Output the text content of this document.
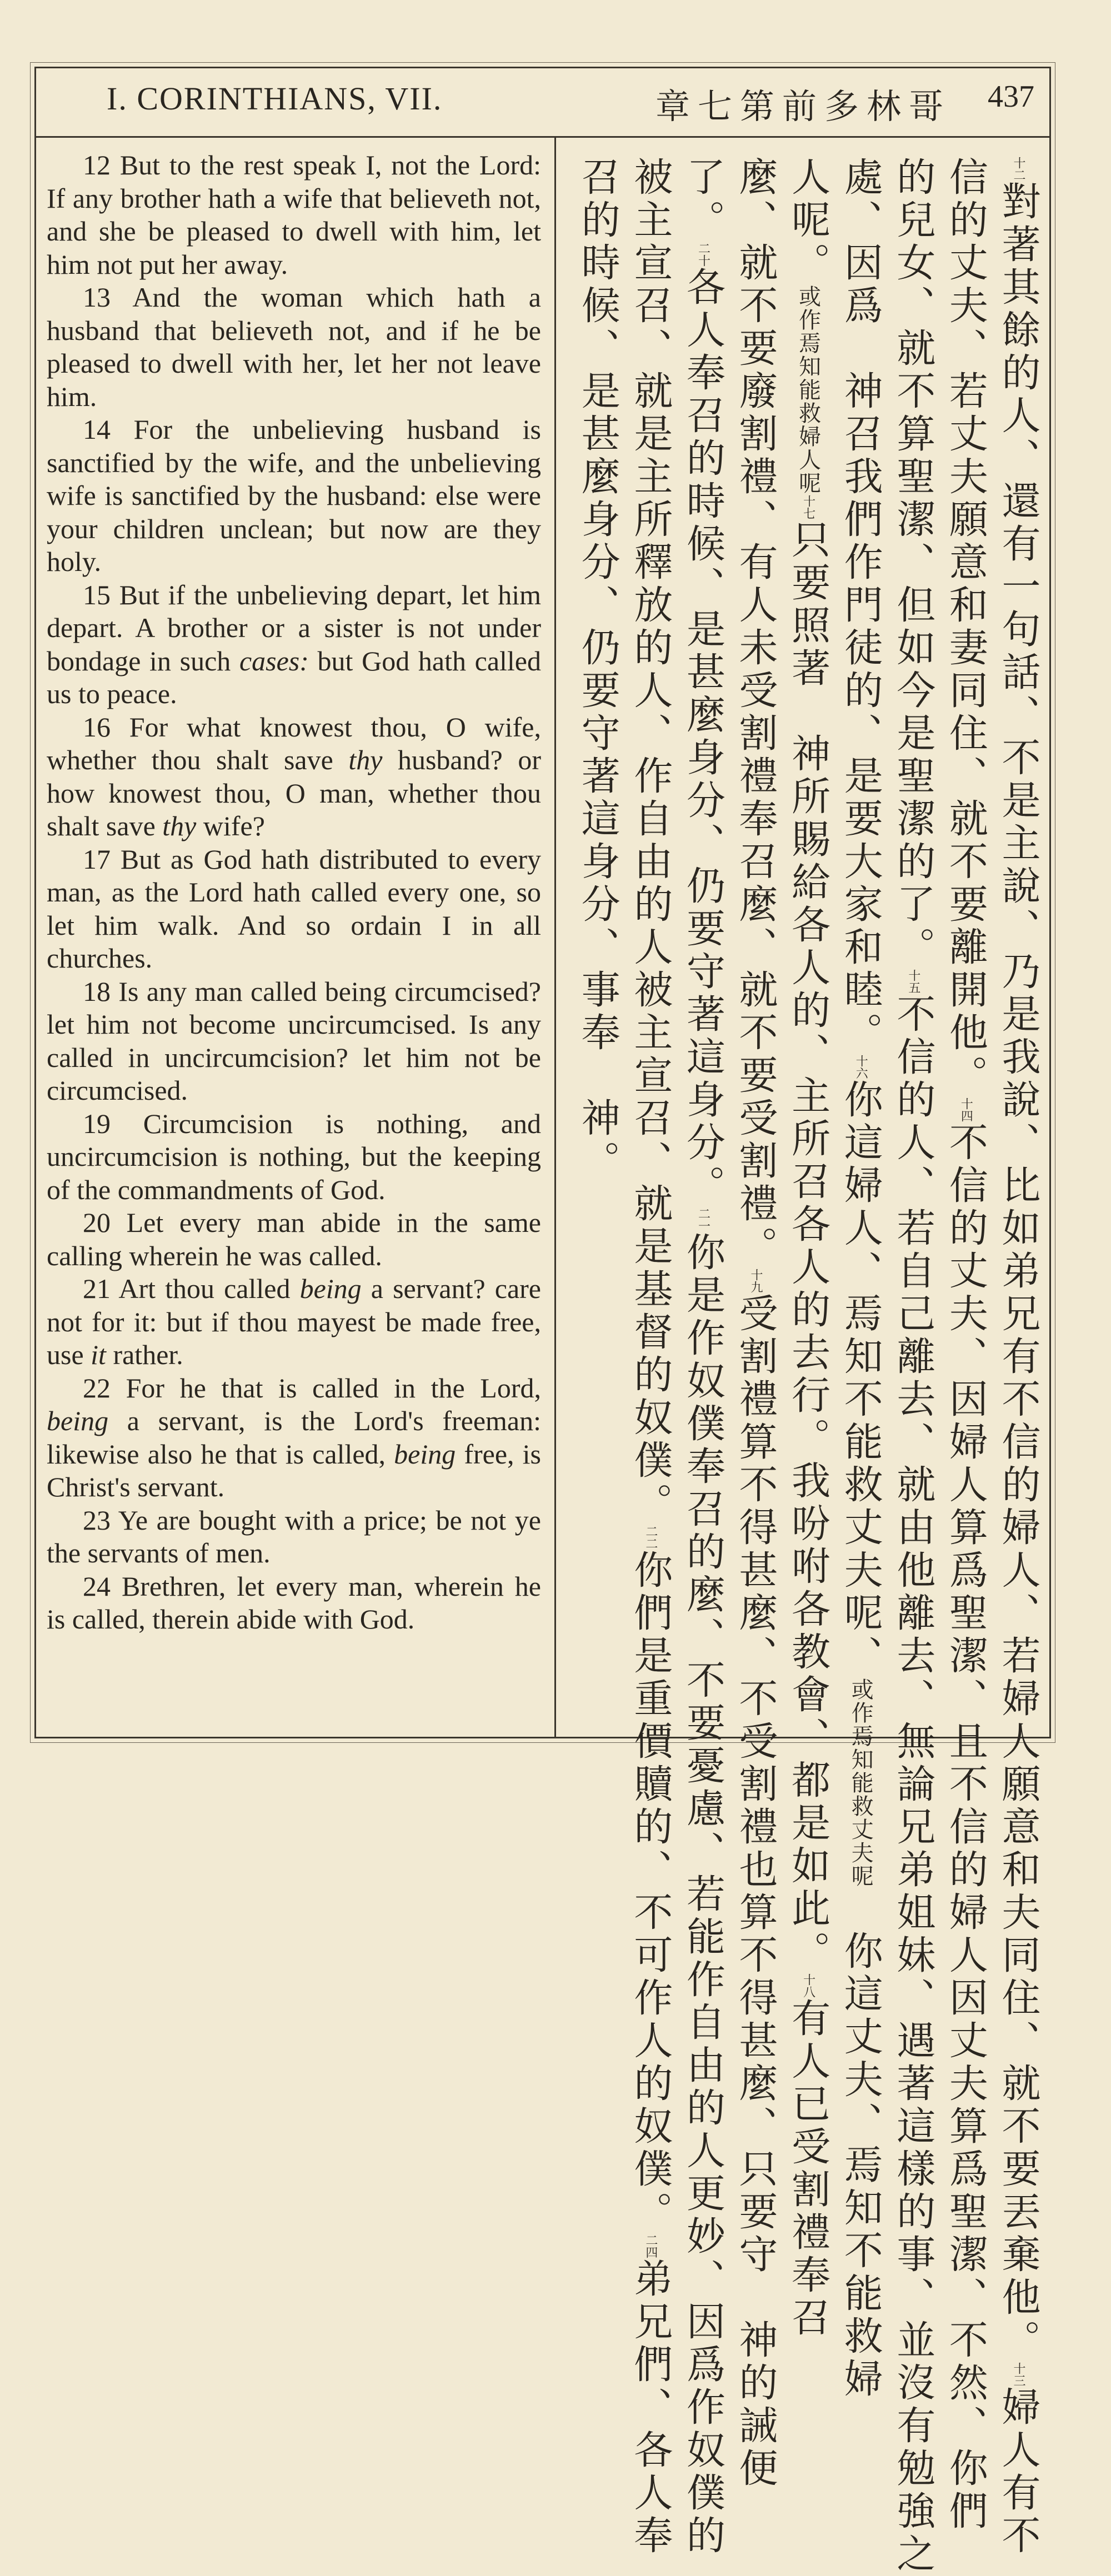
I. CORINTHIANS, VII.	章七第前多林哥 437

12 But to the rest speak I, not the Lord: If any brother hath a wife that believeth not, and she be pleased to dwell with him, let him not put her away.

13 And the woman which hath a husband that believeth not, and if he be pleased to dwell with her, let her not leave him.

14 For the unbelieving husband is sanctified by the wife, and the unbelieving wife is sanctified by the husband: else were your children unclean; but now are they holy.

15 But if the unbelieving depart, let him depart. A brother or a sister is not under bondage in such cases: but God hath called us to peace.

16 For what knowest thou, O wife, whether thou shalt save thy husband? or how knowest thou, O man, whether thou shalt save thy wife?

17 But as God hath distributed to every man, as the Lord hath called every one, so let him walk. And so ordain I in all churches.

18 Is any man called being circumcised? let him not become uncircumcised. Is any called in uncircumcision? let him not be circumcised.

19 Circumcision is nothing, and uncircumcision is nothing, but the keeping of the commandments of God.

20 Let every man abide in the same calling wherein he was called.

21 Art thou called being a servant? care not for it: but if thou mayest be made free, use it rather.

22 For he that is called in the Lord, being a servant, is the Lord's freeman: likewise also he that is called, being free, is Christ's servant.

23 Ye are bought with a price; be not ye the servants of men.

24 Brethren, let every man, wherein he is called, therein abide with God.

$^{十二}$對著其餘的人、還有一句話、不是主說、乃是我說、比如弟兄有不信的婦人、若婦人願意和夫同住、就不要丟棄他。$^{十三}$婦人有不
信的丈夫、若丈夫願意和妻同住、就不要離開他。$^{十四}$不信的丈夫、因婦人算爲聖潔、且不信的婦人因丈夫算爲聖潔、不然、你們
的兒女、就不算聖潔、但如今是聖潔的了。$^{十五}$不信的人、若自己離去、就由他離去、無論兄弟姐妹、遇著這樣的事、並沒有勉強之
處、因爲　神召我們作門徒的、是要大家和睦。$^{十六}$你這婦人、焉知不能救丈夫呢、或作焉知能救丈夫呢　你這丈夫、焉知不能救婦
人呢。或作焉知能救婦人呢$^{十七}$只要照著　神所賜給各人的、主所召各人的去行。我吩咐各教會、都是如此。$^{十八}$有人已受割禮奉召
麼、就不要廢割禮、有人未受割禮奉召麼、就不要受割禮。$^{十九}$受割禮算不得甚麼、不受割禮也算不得甚麼、只要守　神的誡便
了。$^{二十}$各人奉召的時候、是甚麼身分、仍要守著這身分。$^{二一}$你是作奴僕奉召的麼、不要憂慮、若能作自由的人更妙、因爲作奴僕的
被主宣召、就是主所釋放的人、作自由的人被主宣召、就是基督的奴僕。$^{二二}$你們是重價贖的、不可作人的奴僕。$^{二四}$弟兄們、各人奉
召的時候、是甚麼身分、仍要守著這身分、事奉　神。
